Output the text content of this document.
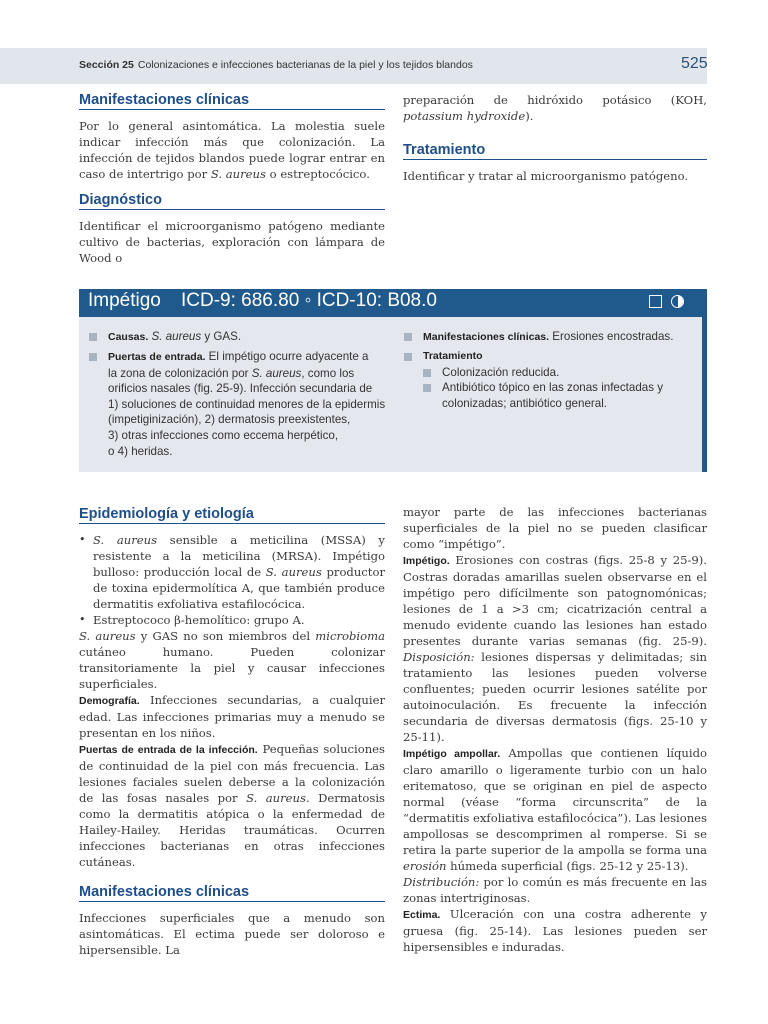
Sección 25 Colonizaciones e infecciones bacterianas de la piel y los tejidos blandos	525
Manifestaciones clínicas

Por lo general asintomática. La molestia suele indicar infección más que colonización. La infección de tejidos blandos puede lograr entrar en caso de intertrigo por S. aureus o estreptocócico.

Diagnóstico

Identificar el microorganismo patógeno mediante cultivo de bacterias, exploración con lámpara de Wood o

preparación de hidróxido potásico (KOH, potassium hydroxide).

Tratamiento

Identificar y tratar al microorganismo patógeno.

Impétigo ICD-9: 686.80 ◦ ICD-10: B08.0
Causas. S. aureus y GAS.
Puertas de entrada. El impétigo ocurre adyacente a
la zona de colonización por S. aureus, como los
orificios nasales (fig. 25-9). Infección secundaria de
1) soluciones de continuidad menores de la epidermis
(impetiginización), 2) dermatosis preexistentes,
3) otras infecciones como eccema herpético,
o 4) heridas.
Manifestaciones clínicas. Erosiones encostradas.
Tratamiento
Colonización reducida.
Antibiótico tópico en las zonas infectadas y
colonizadas; antibiótico general.
Epidemiología y etiología
• S. aureus sensible a meticilina (MSSA) y resistente a la meticilina (MRSA). Impétigo bulloso: producción local de S. aureus productor de toxina epidermolítica A, que también produce dermatitis exfoliativa estafilocócica.
• Estreptococo β-hemolítico: grupo A.

S. aureus y GAS no son miembros del microbioma cutáneo humano. Pueden colonizar transitoriamente la piel y causar infecciones superficiales.

Demografía. Infecciones secundarias, a cualquier edad. Las infecciones primarias muy a menudo se presentan en los niños.

Puertas de entrada de la infección. Pequeñas soluciones de continuidad de la piel con más frecuencia. Las lesiones faciales suelen deberse a la colonización de las fosas nasales por S. aureus. Dermatosis como la dermatitis atópica o la enfermedad de Hailey-Hailey. Heridas traumáticas. Ocurren infecciones bacterianas en otras infecciones cutáneas.

Manifestaciones clínicas

Infecciones superficiales que a menudo son asintomáticas. El ectima puede ser doloroso e hipersensible. La

mayor parte de las infecciones bacterianas superficiales de la piel no se pueden clasificar como “impétigo”.

Impétigo. Erosiones con costras (figs. 25-8 y 25-9). Costras doradas amarillas suelen observarse en el impétigo pero difícilmente son patognomónicas; lesiones de 1 a >3 cm; cicatrización central a menudo evidente cuando las lesiones han estado presentes durante varias semanas (fig. 25-9). Disposición: lesiones dispersas y delimitadas; sin tratamiento las lesiones pueden volverse confluentes; pueden ocurrir lesiones satélite por autoinoculación. Es frecuente la infección secundaria de diversas dermatosis (figs. 25-10 y 25-11).

Impétigo ampollar. Ampollas que contienen líquido claro amarillo o ligeramente turbio con un halo eritematoso, que se originan en piel de aspecto normal (véase “forma circunscrita” de la “dermatitis exfoliativa estafilocócica”). Las lesiones ampollosas se descomprimen al romperse. Si se retira la parte superior de la ampolla se forma una erosión húmeda superficial (figs. 25-12 y 25-13).

Distribución: por lo común es más frecuente en las zonas intertriginosas.

Ectima. Ulceración con una costra adherente y gruesa (fig. 25-14). Las lesiones pueden ser hipersensibles e induradas.
